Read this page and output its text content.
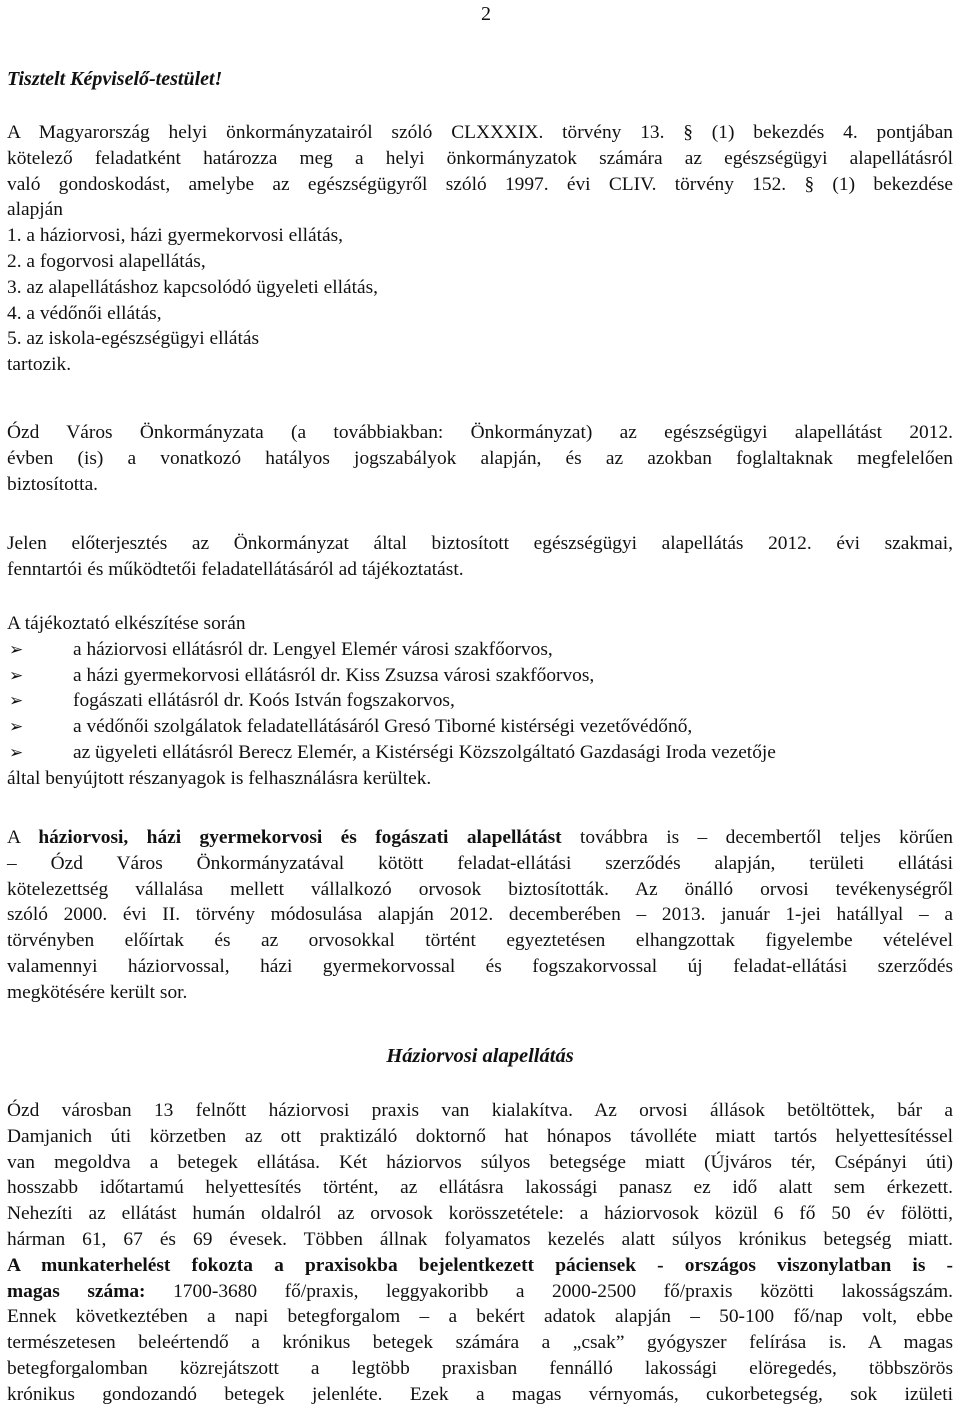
2
Tisztelt Képviselő-testület!
A Magyarország helyi önkormányzatairól szóló CLXXXIX. törvény 13. § (1) bekezdés 4. pontjában
kötelező feladatként határozza meg a helyi önkormányzatok számára az egészségügyi alapellátásról
való gondoskodást, amelybe az egészségügyről szóló 1997. évi CLIV. törvény 152. § (1) bekezdése
alapján
1. a háziorvosi, házi gyermekorvosi ellátás,
2. a fogorvosi alapellátás,
3. az alapellátáshoz kapcsolódó ügyeleti ellátás,
4. a védőnői ellátás,
5. az iskola-egészségügyi ellátás
tartozik.
Ózd Város Önkormányzata (a továbbiakban: Önkormányzat) az egészségügyi alapellátást 2012.
évben (is) a vonatkozó hatályos jogszabályok alapján, és az azokban foglaltaknak megfelelően
biztosította.
Jelen előterjesztés az Önkormányzat által biztosított egészségügyi alapellátás 2012. évi szakmai,
fenntartói és működtetői feladatellátásáról ad tájékoztatást.
A tájékoztató elkészítése során
➢	a háziorvosi ellátásról dr. Lengyel Elemér városi szakfőorvos,
➢	a házi gyermekorvosi ellátásról dr. Kiss Zsuzsa városi szakfőorvos,
➢	fogászati ellátásról dr. Koós István fogszakorvos,
➢	a védőnői szolgálatok feladatellátásáról Gresó Tiborné kistérségi vezetővédőnő,
➢	az ügyeleti ellátásról Berecz Elemér, a Kistérségi Közszolgáltató Gazdasági Iroda vezetője
által benyújtott részanyagok is felhasználásra kerültek.
A háziorvosi, házi gyermekorvosi és fogászati alapellátást továbbra is – decembertől teljes körűen
– Ózd Város Önkormányzatával kötött feladat-ellátási szerződés alapján, területi ellátási
kötelezettség vállalása mellett vállalkozó orvosok biztosították. Az önálló orvosi tevékenységről
szóló 2000. évi II. törvény módosulása alapján 2012. decemberében – 2013. január 1-jei hatállyal – a
törvényben előírtak és az orvosokkal történt egyeztetésen elhangzottak figyelembe vételével
valamennyi háziorvossal, házi gyermekorvossal és fogszakorvossal új feladat-ellátási szerződés
megkötésére került sor.
Háziorvosi alapellátás
Ózd városban 13 felnőtt háziorvosi praxis van kialakítva. Az orvosi állások betöltöttek, bár a
Damjanich úti körzetben az ott praktizáló doktornő hat hónapos távolléte miatt tartós helyettesítéssel
van megoldva a betegek ellátása. Két háziorvos súlyos betegsége miatt (Újváros tér, Csépányi úti)
hosszabb időtartamú helyettesítés történt, az ellátásra lakossági panasz ez idő alatt sem érkezett.
Nehezíti az ellátást humán oldalról az orvosok korösszetétele: a háziorvosok közül 6 fő 50 év fölötti,
hárman 61, 67 és 69 évesek. Többen állnak folyamatos kezelés alatt súlyos krónikus betegség miatt.
A munkaterhelést fokozta a praxisokba bejelentkezett páciensek - országos viszonylatban is -
magas száma: 1700-3680 fő/praxis, leggyakoribb a 2000-2500 fő/praxis közötti lakosságszám.
Ennek következtében a napi betegforgalom – a bekért adatok alapján – 50-100 fő/nap volt, ebbe
természetesen beleértendő a krónikus betegek számára a „csak” gyógyszer felírása is. A magas
betegforgalomban közrejátszott a legtöbb praxisban fennálló lakossági elöregedés, többszörös
krónikus gondozandó betegek jelenléte. Ezek a magas vérnyomás, cukorbetegség, sok izületi
